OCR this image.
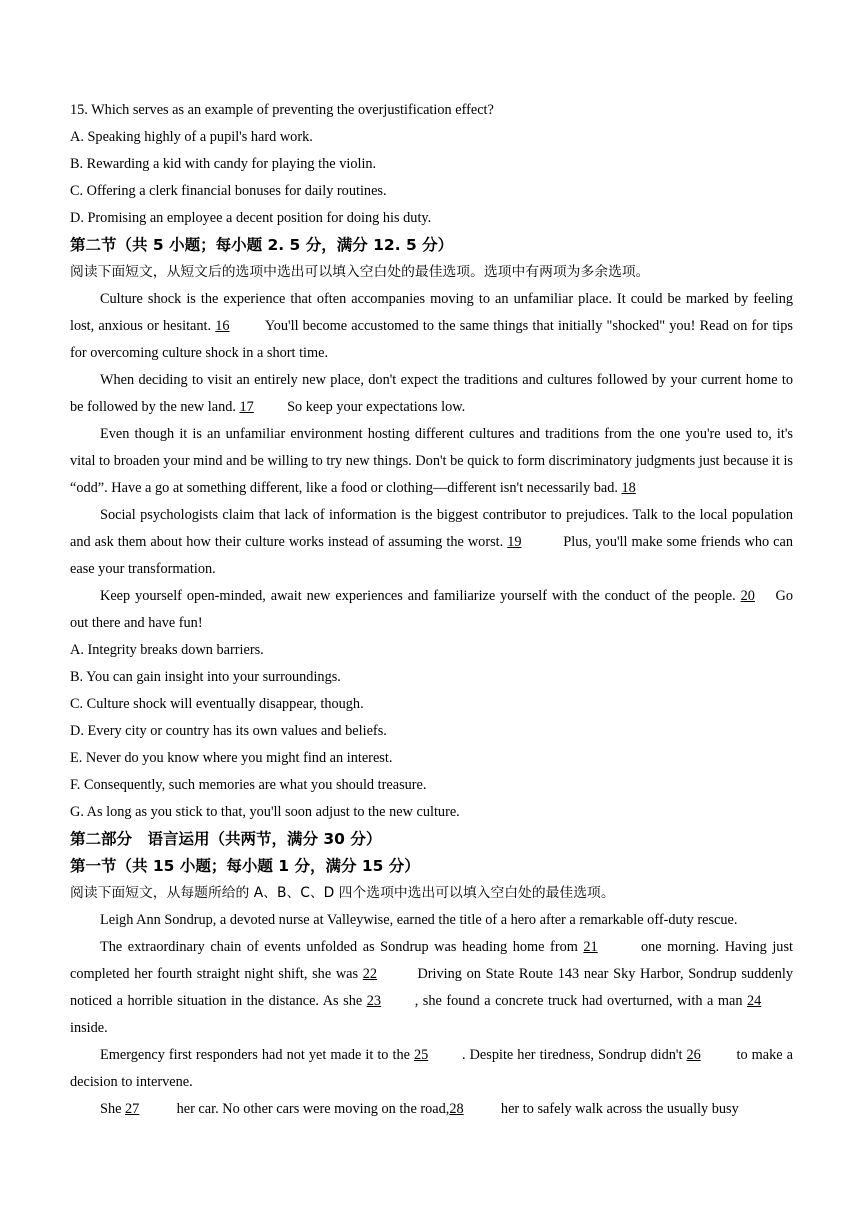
15. Which serves as an example of preventing the overjustification effect?

A. Speaking highly of a pupil's hard work.

B. Rewarding a kid with candy for playing the violin.

C. Offering a clerk financial bonuses for daily routines.

D. Promising an employee a decent position for doing his duty.

第二节（共 5 小题；每小题 2. 5 分，满分 12. 5 分）

阅读下面短文，从短文后的选项中选出可以填入空白处的最佳选项。选项中有两项为多余选项。

Culture shock is the experience that often accompanies moving to an unfamiliar place. It could be marked by feeling lost, anxious or hesitant. 16 You'll become accustomed to the same things that initially "shocked" you! Read on for tips for overcoming culture shock in a short time.

When deciding to visit an entirely new place, don't expect the traditions and cultures followed by your current home to be followed by the new land. 17 So keep your expectations low.

Even though it is an unfamiliar environment hosting different cultures and traditions from the one you're used to, it's vital to broaden your mind and be willing to try new things. Don't be quick to form discriminatory judgments just because it is “odd”. Have a go at something different, like a food or clothing—different isn't necessarily bad. 18

Social psychologists claim that lack of information is the biggest contributor to prejudices. Talk to the local population and ask them about how their culture works instead of assuming the worst. 19	Plus, you'll make some friends who can ease your transformation.

Keep yourself open-minded, await new experiences and familiarize yourself with the conduct of the people. 20 Go out there and have fun!

A. Integrity breaks down barriers.

B. You can gain insight into your surroundings.

C. Culture shock will eventually disappear, though.

D. Every city or country has its own values and beliefs.

E. Never do you know where you might find an interest.

F. Consequently, such memories are what you should treasure.

G. As long as you stick to that, you'll soon adjust to the new culture.

第二部分　语言运用（共两节，满分 30 分）

第一节（共 15 小题；每小题 1 分，满分 15 分）

阅读下面短文，从每题所给的 A、B、C、D 四个选项中选出可以填入空白处的最佳选项。

Leigh Ann Sondrup, a devoted nurse at Valleywise, earned the title of a hero after a remarkable off-duty rescue.

The extraordinary chain of events unfolded as Sondrup was heading home from 21	one morning. Having just completed her fourth straight night shift, she was 22 Driving on State Route 143 near Sky Harbor, Sondrup suddenly noticed a horrible situation in the distance. As she 23 , she found a concrete truck had overturned, with a man 24 inside.

Emergency first responders had not yet made it to the 25 . Despite her tiredness, Sondrup didn't 26 to make a decision to intervene.

She 27 her car. No other cars were moving on the road,28 her to safely walk across the usually busy
